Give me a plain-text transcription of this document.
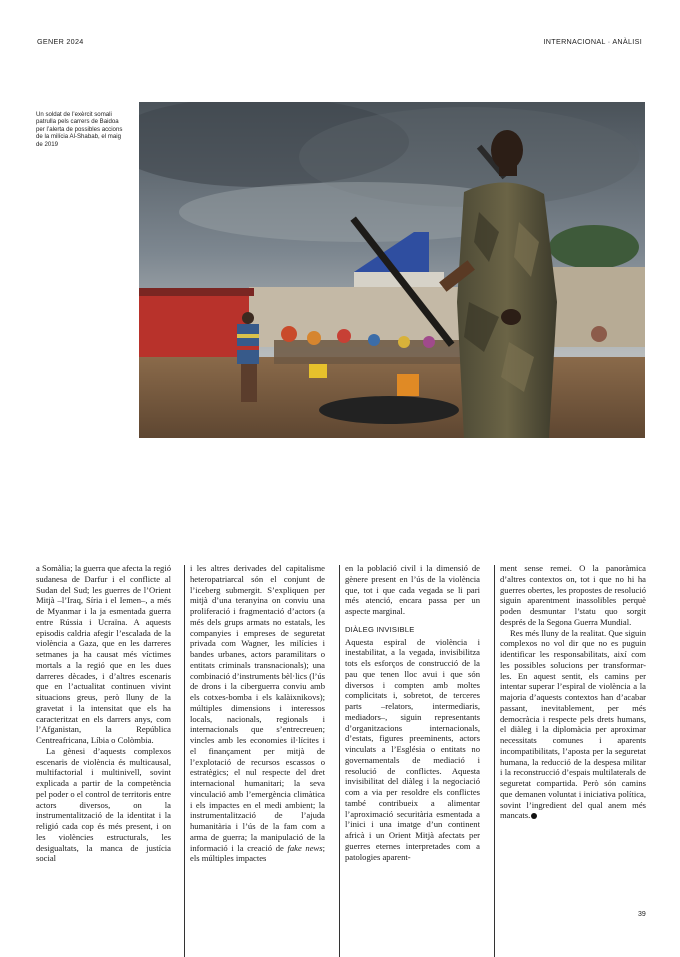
GENER 2024	INTERNACIONAL · ANÀLISI
Un soldat de l’exèrcit somali patrulla pels carrers de Baidoa per l’alerta de possibles accions de la milícia Al-Shabab, el maig de 2019

a Somàlia; la guerra que afecta la regió sudanesa de Darfur i el conflicte al Sudan del Sud; les guerres de l’Orient Mitjà –l’Iraq, Síria i el Iemen–, a més de Myanmar i la ja esmentada guerra entre Rússia i Ucraïna. A aquests episodis caldria afegir l’escalada de la violència a Gaza, que en les darreres setmanes ja ha causat més víctimes mortals a la regió que en les dues darreres dècades, i d’altres escenaris que en l’actualitat continuen vivint situacions greus, però lluny de la gravetat i la intensitat que els ha caracteritzat en els darrers anys, com l’Afganistan, la República Centreafricana, Líbia o Colòmbia.

La gènesi d’aquests complexos escenaris de violència és multicausal, multifactorial i multinivell, sovint explicada a partir de la competència pel poder o el control de territoris entre actors diversos, on la instrumentalització de la identitat i la religió cada cop és més present, i on les violències estructurals, les desigualtats, la manca de justícia social

i les altres derivades del capitalisme heteropatriarcal són el conjunt de l’iceberg submergit. S’expliquen per mitjà d’una teranyina on conviu una proliferació i fragmentació d’actors (a més dels grups armats no estatals, les companyies i empreses de seguretat privada com Wagner, les milícies i bandes urbanes, actors paramilitars o entitats criminals transnacionals); una combinació d’instruments bèl·lics (l’ús de drons i la ciberguerra conviu amb els cotxes-bomba i els kalàixnikovs); múltiples dimensions i interessos locals, nacionals, regionals i internacionals que s’entrecreuen; vincles amb les economies il·lícites i el finançament per mitjà de l’explotació de recursos escassos o estratègics; el nul respecte del dret internacional humanitari; la seva vinculació amb l’emergència climàtica i els impactes en el medi ambient; la instrumentalització de l’ajuda humanitària i l’ús de la fam com a arma de guerra; la manipulació de la informació i la creació de fake news; els múltiples impactes

en la població civil i la dimensió de gènere present en l’ús de la violència que, tot i que cada vegada se li pari més atenció, encara passa per un aspecte marginal.

DIÀLEG INVISIBLE

Aquesta espiral de violència i inestabilitat, a la vegada, invisibilitza tots els esforços de construcció de la pau que tenen lloc avui i que són diversos i compten amb moltes complicitats i, sobretot, de terceres parts –relators, intermediaris, mediadors–, siguin representants d’organitzacions internacionals, d’estats, figures preeminents, actors vinculats a l’Església o entitats no governamentals de mediació i resolució de conflictes. Aquesta invisibilitat del diàleg i la negociació com a via per resoldre els conflictes també contribueix a alimentar l’aproximació securitària esmentada a l’inici i una imatge d’un continent africà i un Orient Mitjà afectats per guerres eternes interpretades com a patologies aparent-

ment sense remei. O la panoràmica d’altres contextos on, tot i que no hi ha guerres obertes, les propostes de resolució siguin aparentment inassolibles perquè poden desmuntar l’statu quo sorgit després de la Segona Guerra Mundial.

Res més lluny de la realitat. Que siguin complexos no vol dir que no es puguin identificar les responsabilitats, així com les possibles solucions per transformar-les. En aquest sentit, els camins per intentar superar l’espiral de violència a la majoria d’aquests contextos han d’acabar passant, inevitablement, per més democràcia i respecte pels drets humans, el diàleg i la diplomàcia per aproximar necessitats comunes i aparents incompatibilitats, l’aposta per la seguretat humana, la reducció de la despesa militar i la reconstrucció d’espais multilaterals de seguretat compartida. Però són camins que demanen voluntat i iniciativa política, sovint l’ingredient del qual anem més mancats.

39
